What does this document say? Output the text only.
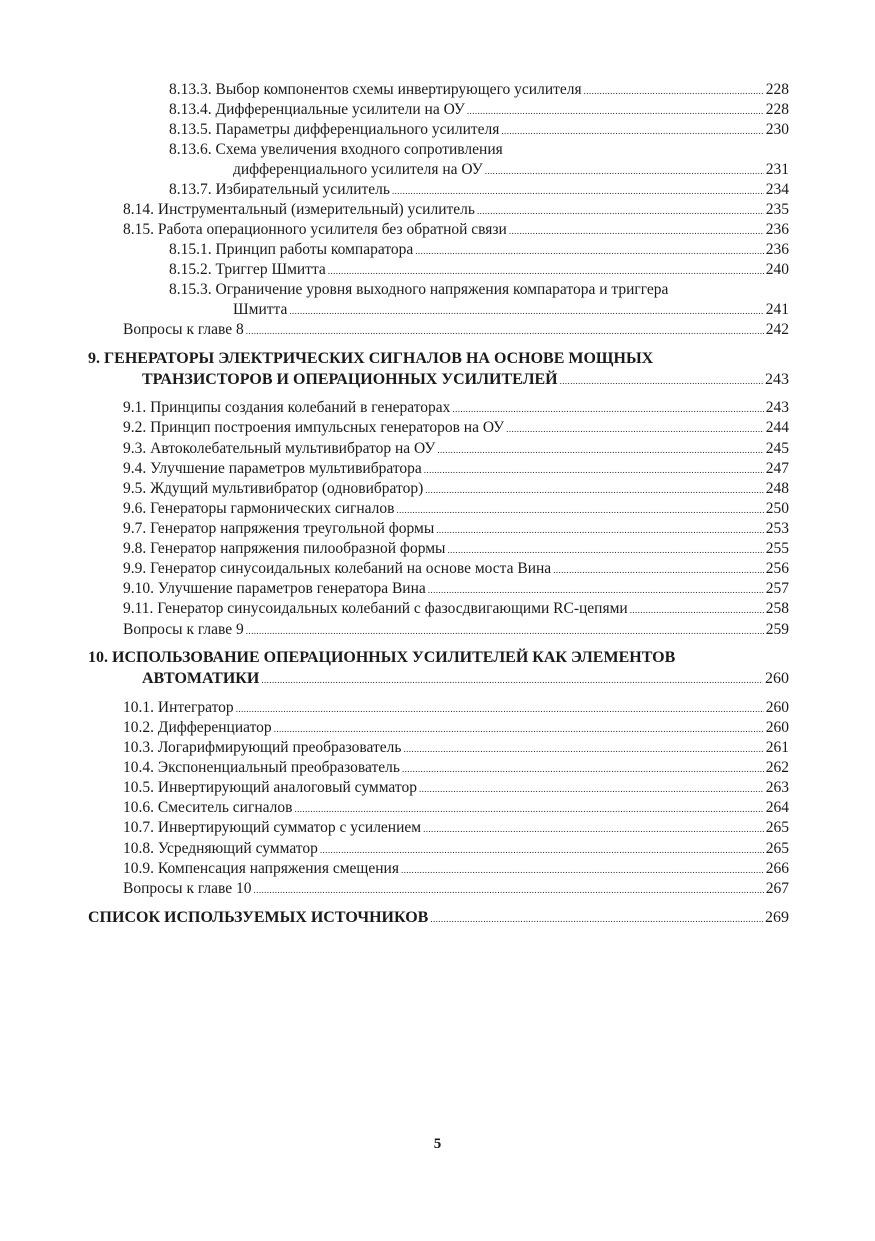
8.13.3. Выбор компонентов схемы инвертирующего усилителя .....	228
8.13.4. Дифференциальные усилители на ОУ .....	228
8.13.5. Параметры дифференциального усилителя .....	230
8.13.6. Схема увеличения входного сопротивления
дифференциального усилителя на ОУ .....	231
8.13.7. Избирательный усилитель .....	234
8.14. Инструментальный (измерительный) усилитель .....	235
8.15. Работа операционного усилителя без обратной связи .....	236
8.15.1. Принцип работы компаратора .....	236
8.15.2. Триггер Шмитта .....	240
8.15.3. Ограничение уровня выходного напряжения компаратора и триггера
Шмитта .....	241
Вопросы к главе 8 .....	242
9. ГЕНЕРАТОРЫ ЭЛЕКТРИЧЕСКИХ СИГНАЛОВ НА ОСНОВЕ МОЩНЫХ
ТРАНЗИСТОРОВ И ОПЕРАЦИОННЫХ УСИЛИТЕЛЕЙ .....	243
9.1. Принципы создания колебаний в генераторах .....	243
9.2. Принцип построения импульсных генераторов на ОУ .....	244
9.3. Автоколебательный мультивибратор на ОУ .....	245
9.4. Улучшение параметров мультивибратора .....	247
9.5. Ждущий мультивибратор (одновибратор) .....	248
9.6. Генераторы гармонических сигналов .....	250
9.7. Генератор напряжения треугольной формы .....	253
9.8. Генератор напряжения пилообразной формы .....	255
9.9. Генератор синусоидальных колебаний на основе моста Вина .....	256
9.10. Улучшение параметров генератора Вина .....	257
9.11. Генератор синусоидальных колебаний с фазосдвигающими RC-цепями .....	258
Вопросы к главе 9 .....	259
10. ИСПОЛЬЗОВАНИЕ ОПЕРАЦИОННЫХ УСИЛИТЕЛЕЙ КАК ЭЛЕМЕНТОВ
АВТОМАТИКИ .....	260
10.1. Интегратор .....	260
10.2. Дифференциатор .....	260
10.3. Логарифмирующий преобразователь .....	261
10.4. Экспоненциальный преобразователь .....	262
10.5. Инвертирующий аналоговый сумматор .....	263
10.6. Смеситель сигналов .....	264
10.7. Инвертирующий сумматор с усилением .....	265
10.8. Усредняющий сумматор .....	265
10.9. Компенсация напряжения смещения .....	266
Вопросы к главе 10 .....	267
СПИСОК ИСПОЛЬЗУЕМЫХ ИСТОЧНИКОВ .....	269
5
